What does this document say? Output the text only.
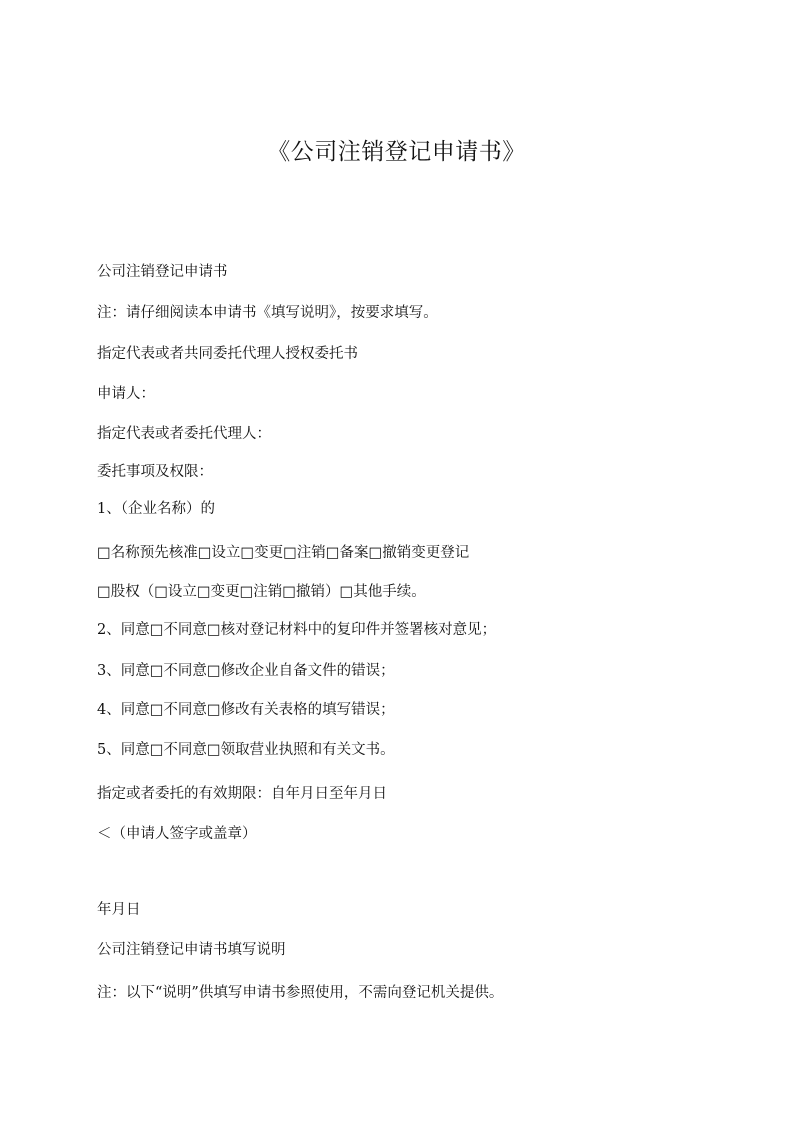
《公司注销登记申请书》
公司注销登记申请书
注：请仔细阅读本申请书《填写说明》，按要求填写。
指定代表或者共同委托代理人授权委托书
申请人：
指定代表或者委托代理人：
委托事项及权限：
1、（企业名称）的
□名称预先核准□设立□变更□注销□备案□撤销变更登记
□股权（□设立□变更□注销□撤销）□其他手续。
2、同意□不同意□核对登记材料中的复印件并签署核对意见；
3、同意□不同意□修改企业自备文件的错误；
4、同意□不同意□修改有关表格的填写错误；
5、同意□不同意□领取营业执照和有关文书。
指定或者委托的有效期限：自年月日至年月日
＜（申请人签字或盖章）
年月日
公司注销登记申请书填写说明
注：以下“说明”供填写申请书参照使用，不需向登记机关提供。
